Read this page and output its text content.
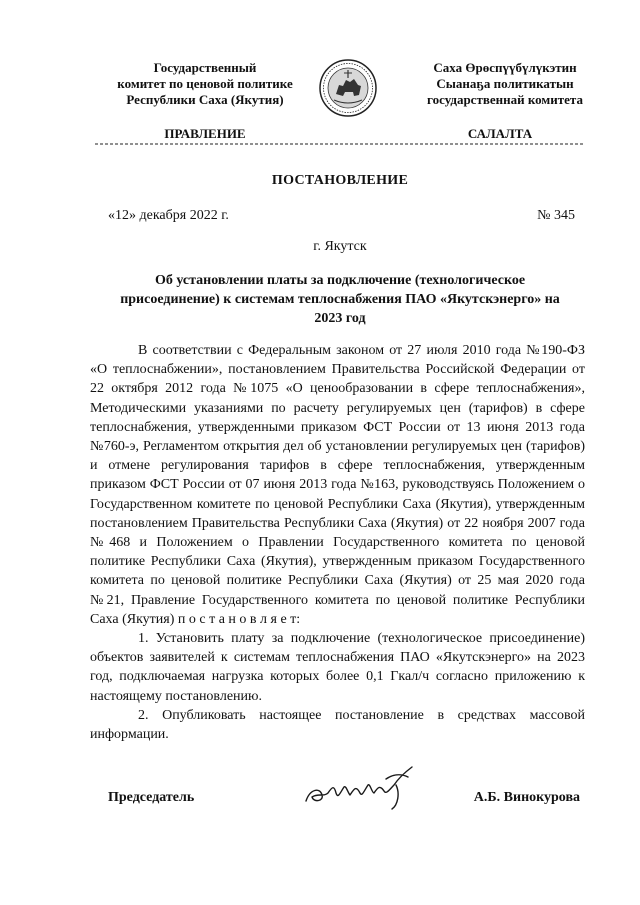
Государственный
комитет по ценовой политике
Республики Саха (Якутия)
Саха Өрөспүүбүлүкэтин
Сыанаҕа политикатын
государственнай комитета
ПРАВЛЕНИЕ	САЛАЛТА
ПОСТАНОВЛЕНИЕ
«12» декабря 2022 г.	№ 345
г. Якутск
Об установлении платы за подключение (технологическое присоединение) к системам теплоснабжения ПАО «Якутскэнерго» на 2023 год

В соответствии с Федеральным законом от 27 июля 2010 года №190-ФЗ «О теплоснабжении», постановлением Правительства Российской Федерации от 22 октября 2012 года №1075 «О ценообразовании в сфере теплоснабжения», Методическими указаниями по расчету регулируемых цен (тарифов) в сфере теплоснабжения, утвержденными приказом ФСТ России от 13 июня 2013 года №760-э, Регламентом открытия дел об установлении регулируемых цен (тарифов) и отмене регулирования тарифов в сфере теплоснабжения, утвержденным приказом ФСТ России от 07 июня 2013 года №163, руководствуясь Положением о Государственном комитете по ценовой Республики Саха (Якутия), утвержденным постановлением Правительства Республики Саха (Якутия) от 22 ноября 2007 года №468 и Положением о Правлении Государственного комитета по ценовой политике Республики Саха (Якутия), утвержденным приказом Государственного комитета по ценовой политике Республики Саха (Якутия) от 25 мая 2020 года №21, Правление Государственного комитета по ценовой политике Республики Саха (Якутия) п о с т а н о в л я е т:

1. Установить плату за подключение (технологическое присоединение) объектов заявителей к системам теплоснабжения ПАО «Якутскэнерго» на 2023 год, подключаемая нагрузка которых более 0,1 Гкал/ч согласно приложению к настоящему постановлению.

2. Опубликовать настоящее постановление в средствах массовой информации.

Председатель	А.Б. Винокурова
